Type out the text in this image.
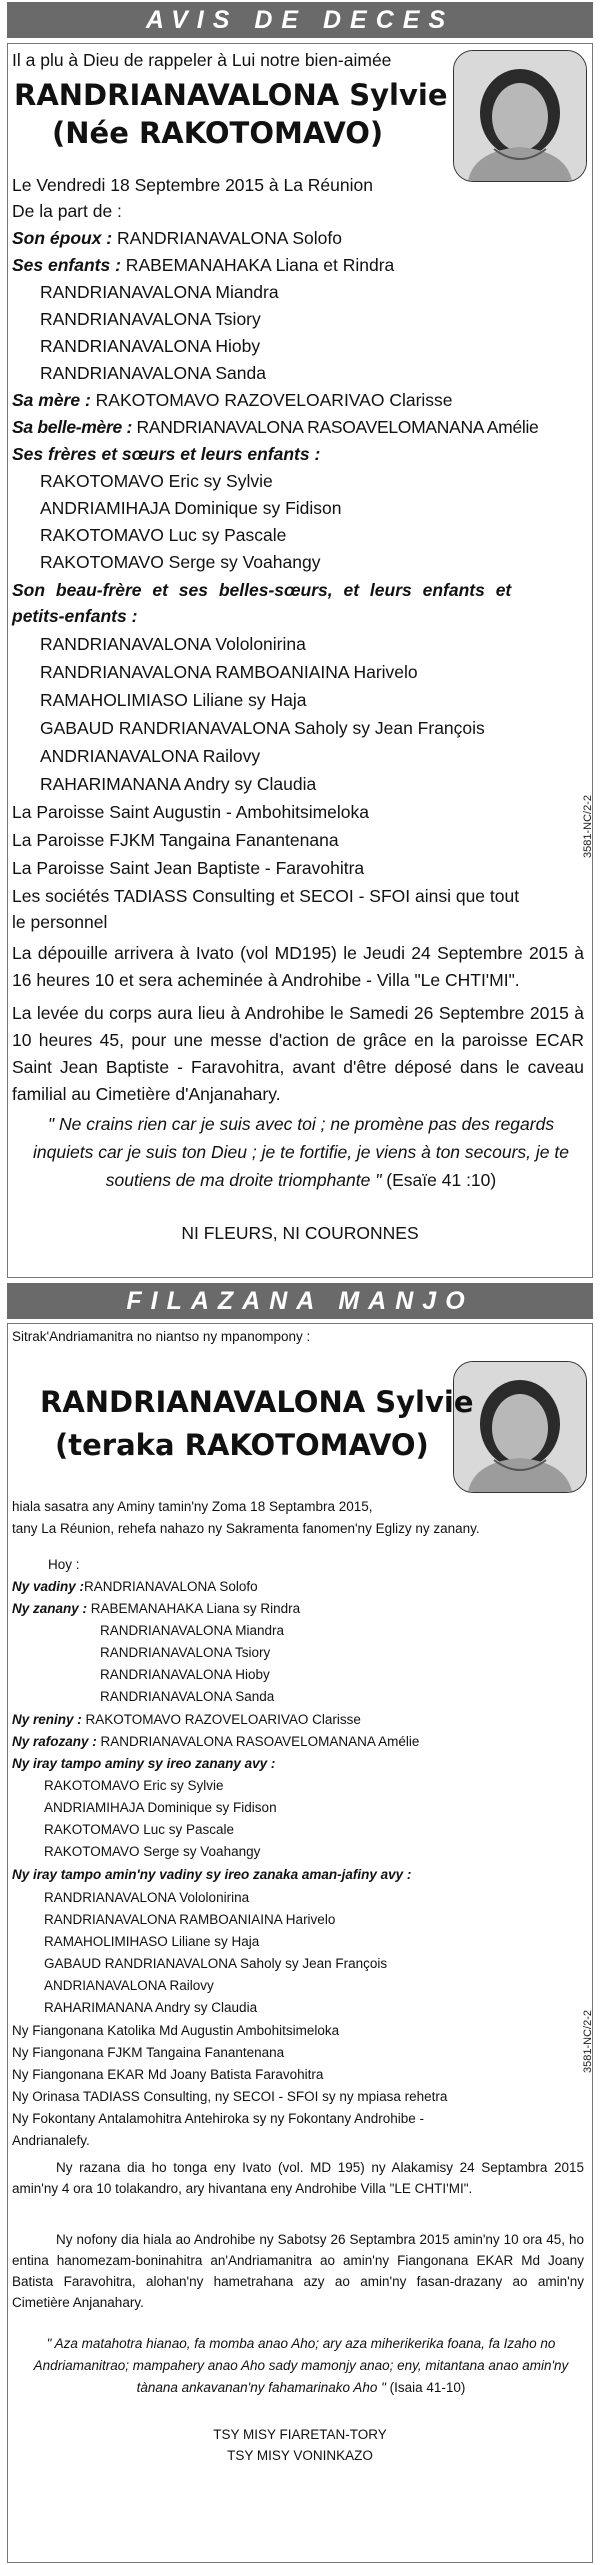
AVIS DE DECES
Il a plu à Dieu de rappeler à Lui notre bien-aimée
RANDRIANAVALONA Sylvie
(Née RAKOTOMAVO)
Le Vendredi 18 Septembre 2015 à La Réunion
De la part de :
Son époux : RANDRIANAVALONA Solofo
Ses enfants : RABEMANAHAKA Liana et Rindra
RANDRIANAVALONA Miandra
RANDRIANAVALONA Tsiory
RANDRIANAVALONA Hioby
RANDRIANAVALONA Sanda
Sa mère : RAKOTOMAVO RAZOVELOARIVAO Clarisse
Sa belle-mère : RANDRIANAVALONA RASOAVELOMANANA Amélie
Ses frères et sœurs et leurs enfants :
RAKOTOMAVO Eric sy Sylvie
ANDRIAMIHAJA Dominique sy Fidison
RAKOTOMAVO Luc sy Pascale
RAKOTOMAVO Serge sy Voahangy
Son beau-frère et ses belles-sœurs, et leurs enfants et
petits-enfants :
RANDRIANAVALONA Vololonirina
RANDRIANAVALONA RAMBOANIAINA Harivelo
RAMAHOLIMIASO Liliane sy Haja
GABAUD RANDRIANAVALONA Saholy sy Jean François
ANDRIANAVALONA Railovy
RAHARIMANANA Andry sy Claudia
La Paroisse Saint Augustin - Ambohitsimeloka
La Paroisse FJKM Tangaina Fanantenana
La Paroisse Saint Jean Baptiste - Faravohitra
Les sociétés TADIASS Consulting et SECOI - SFOI ainsi que tout
le personnel
La dépouille arrivera à Ivato (vol MD195) le Jeudi 24 Septembre 2015 à 16 heures 10 et sera acheminée à Androhibe - Villa "Le CHTI'MI".
La levée du corps aura lieu à Androhibe le Samedi 26 Septembre 2015 à 10 heures 45, pour une messe d'action de grâce en la paroisse ECAR Saint Jean Baptiste - Faravohitra, avant d'être déposé dans le caveau familial au Cimetière d'Anjanahary.
" Ne crains rien car je suis avec toi ; ne promène pas des regards inquiets car je suis ton Dieu ; je te fortifie, je viens à ton secours, je te soutiens de ma droite triomphante " (Esaïe 41 :10)
NI FLEURS, NI COURONNES
3581-NC/2-2
FILAZANA MANJO
Sitrak'Andriamanitra no niantso ny mpanompony :
RANDRIANAVALONA Sylvie
(teraka RAKOTOMAVO)
hiala sasatra any Aminy tamin'ny Zoma 18 Septambra 2015,
tany La Réunion, rehefa nahazo ny Sakramenta fanomen'ny Eglizy ny zanany.
Hoy :
Ny vadiny :RANDRIANAVALONA Solofo
Ny zanany : RABEMANAHAKA Liana sy Rindra
RANDRIANAVALONA Miandra
RANDRIANAVALONA Tsiory
RANDRIANAVALONA Hioby
RANDRIANAVALONA Sanda
Ny reniny : RAKOTOMAVO RAZOVELOARIVAO Clarisse
Ny rafozany : RANDRIANAVALONA RASOAVELOMANANA Amélie
Ny iray tampo aminy sy ireo zanany avy :
RAKOTOMAVO Eric sy Sylvie
ANDRIAMIHAJA Dominique sy Fidison
RAKOTOMAVO Luc sy Pascale
RAKOTOMAVO Serge sy Voahangy
Ny iray tampo amin'ny vadiny sy ireo zanaka aman-jafiny avy :
RANDRIANAVALONA Vololonirina
RANDRIANAVALONA RAMBOANIAINA Harivelo
RAMAHOLIMIHASO Liliane sy Haja
GABAUD RANDRIANAVALONA Saholy sy Jean François
ANDRIANAVALONA Railovy
RAHARIMANANA Andry sy Claudia
Ny Fiangonana Katolika Md Augustin Ambohitsimeloka
Ny Fiangonana FJKM Tangaina Fanantenana
Ny Fiangonana EKAR Md Joany Batista Faravohitra
Ny Orinasa TADIASS Consulting, ny SECOI - SFOI sy ny mpiasa rehetra
Ny Fokontany Antalamohitra Antehiroka sy ny Fokontany Androhibe -
Andrianalefy.
Ny razana dia ho tonga eny Ivato (vol. MD 195) ny Alakamisy 24 Septambra 2015 amin'ny 4 ora 10 tolakandro, ary hivantana eny Androhibe Villa "LE CHTI'MI".
Ny nofony dia hiala ao Androhibe ny Sabotsy 26 Septambra 2015 amin'ny 10 ora 45, ho entina hanomezam-boninahitra an'Andriamanitra ao amin'ny Fiangonana EKAR Md Joany Batista Faravohitra, alohan'ny hametrahana azy ao amin'ny fasan-drazany ao amin'ny Cimetière Anjanahary.
" Aza matahotra hianao, fa momba anao Aho; ary aza miherikerika foana, fa Izaho no Andriamanitrao; mampahery anao Aho sady mamonjy anao; eny, mitantana anao amin'ny tànana ankavanan'ny fahamarinako Aho " (Isaia 41-10)
TSY MISY FIARETAN-TORY
TSY MISY VONINKAZO
3581-NC/2-2
